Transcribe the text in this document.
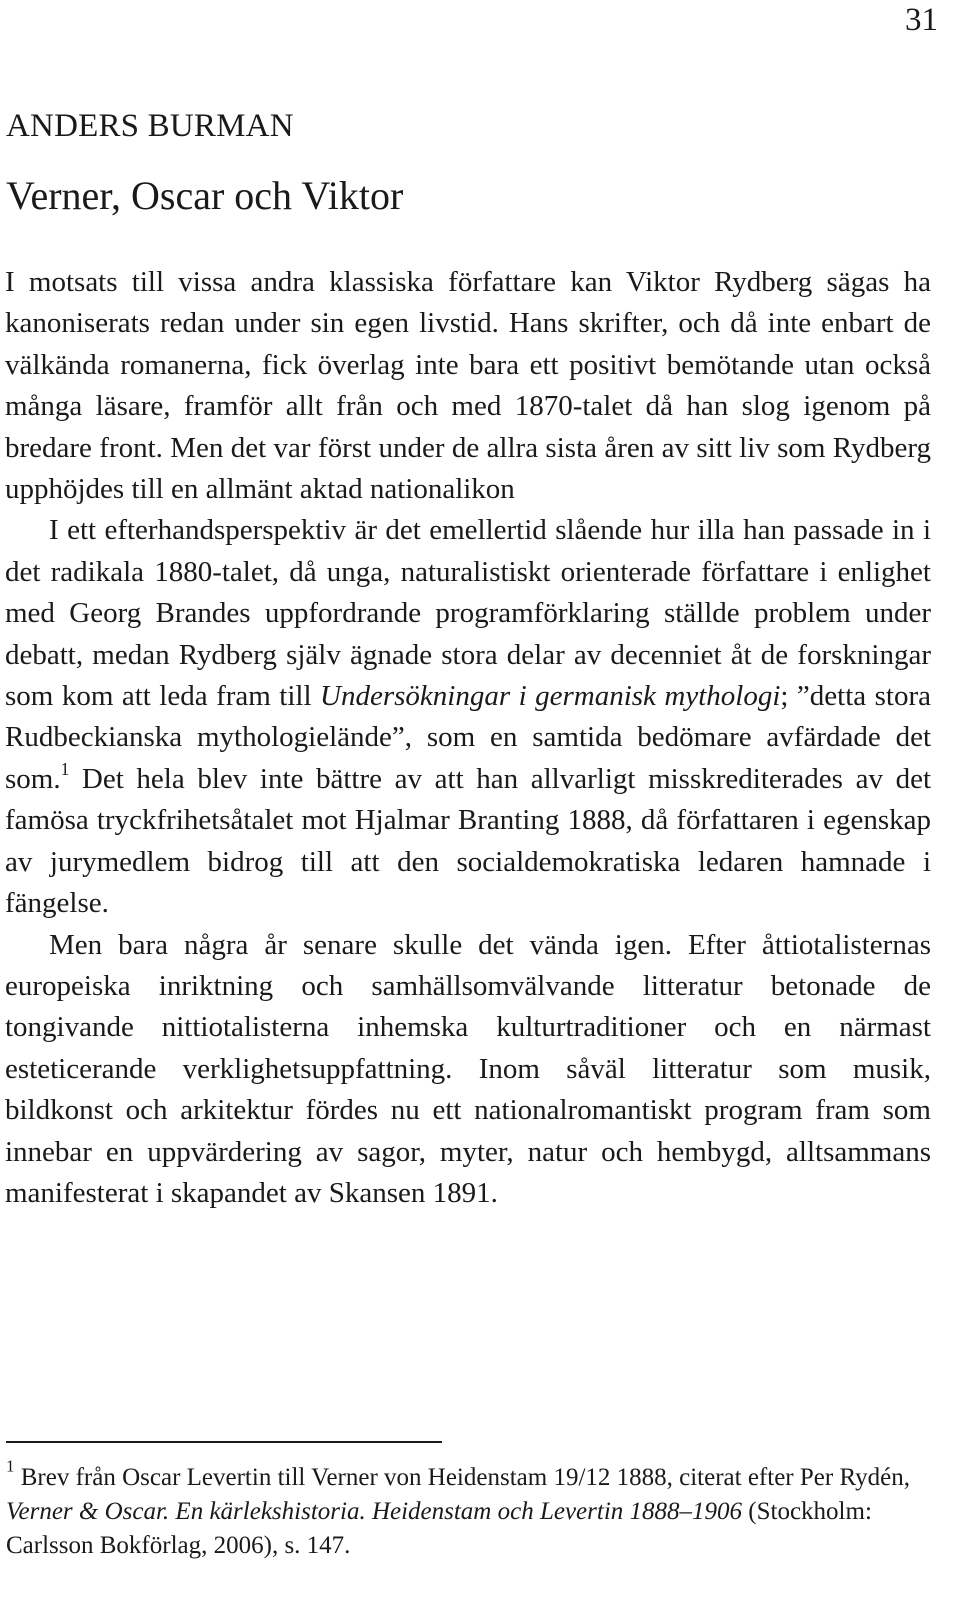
31
ANDERS BURMAN
Verner, Oscar och Viktor

I motsats till vissa andra klassiska författare kan Viktor Rydberg sägas ha kanoniserats redan under sin egen livstid. Hans skrifter, och då inte enbart de välkända romanerna, fick överlag inte bara ett positivt bemötande utan också många läsare, framför allt från och med 1870-talet då han slog igenom på bredare front. Men det var först under de allra sista åren av sitt liv som Rydberg upphöjdes till en allmänt aktad nationalikon

I ett efterhandsperspektiv är det emellertid slående hur illa han passade in i det radikala 1880-talet, då unga, naturalistiskt orienterade författare i enlighet med Georg Brandes uppfordrande programförklaring ställde problem under debatt, medan Rydberg själv ägnade stora delar av decenniet åt de forskningar som kom att leda fram till Undersökningar i germanisk mythologi; ”detta stora Rudbeckianska mythologielände”, som en samtida bedömare avfärdade det som.$^1$ Det hela blev inte bättre av att han allvarligt misskrediterades av det famösa tryckfrihetsåtalet mot Hjalmar Branting 1888, då författaren i egenskap av jurymedlem bidrog till att den socialdemokratiska ledaren hamnade i fängelse.

Men bara några år senare skulle det vända igen. Efter åttiotalisternas europeiska inriktning och samhällsomvälvande litteratur betonade de tongivande nittiotalisterna inhemska kulturtraditioner och en närmast esteticerande verklighetsuppfattning. Inom såväl litteratur som musik, bildkonst och arkitektur fördes nu ett nationalromantiskt program fram som innebar en uppvärdering av sagor, myter, natur och hembygd, alltsammans manifesterat i skapandet av Skansen 1891.

$^1$ Brev från Oscar Levertin till Verner von Heidenstam 19/12 1888, citerat efter Per Rydén, Verner & Oscar. En kärlekshistoria. Heidenstam och Levertin 1888–1906 (Stockholm: Carlsson Bokförlag, 2006), s. 147.
